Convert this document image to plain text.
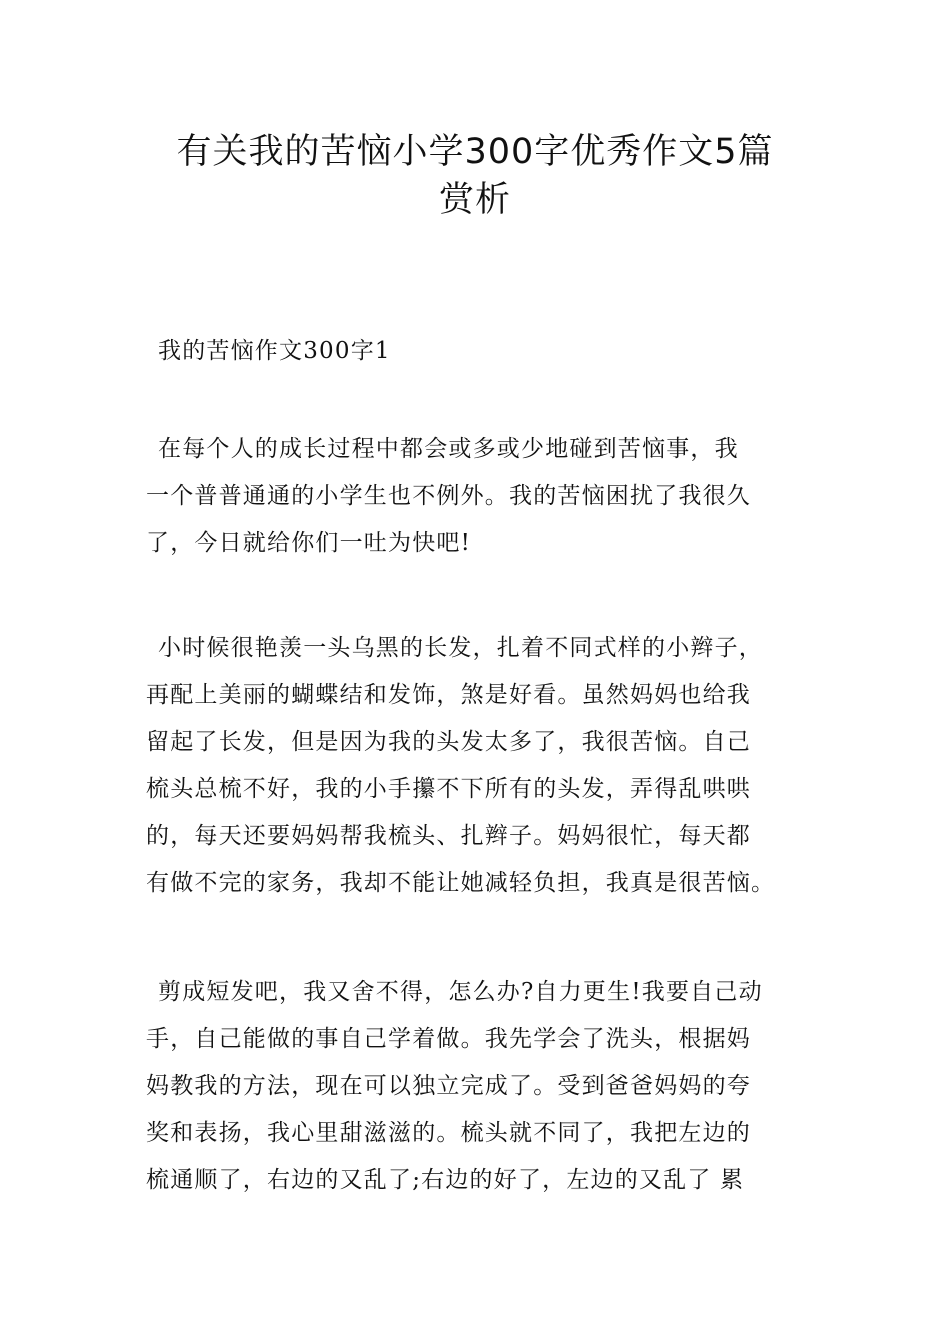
有关我的苦恼小学300字优秀作文5篇
赏析

我的苦恼作文300字1

在每个人的成长过程中都会或多或少地碰到苦恼事，我
一个普普通通的小学生也不例外。我的苦恼困扰了我很久
了，今日就给你们一吐为快吧!
小时候很艳羡一头乌黑的长发，扎着不同式样的小辫子，
再配上美丽的蝴蝶结和发饰，煞是好看。虽然妈妈也给我
留起了长发，但是因为我的头发太多了，我很苦恼。自己
梳头总梳不好，我的小手攥不下所有的头发，弄得乱哄哄
的，每天还要妈妈帮我梳头、扎辫子。妈妈很忙，每天都
有做不完的家务，我却不能让她减轻负担，我真是很苦恼。
剪成短发吧，我又舍不得，怎么办?自力更生!我要自己动
手，自己能做的事自己学着做。我先学会了洗头，根据妈
妈教我的方法，现在可以独立完成了。受到爸爸妈妈的夸
奖和表扬，我心里甜滋滋的。梳头就不同了，我把左边的
梳通顺了，右边的又乱了;右边的好了，左边的又乱了 累
